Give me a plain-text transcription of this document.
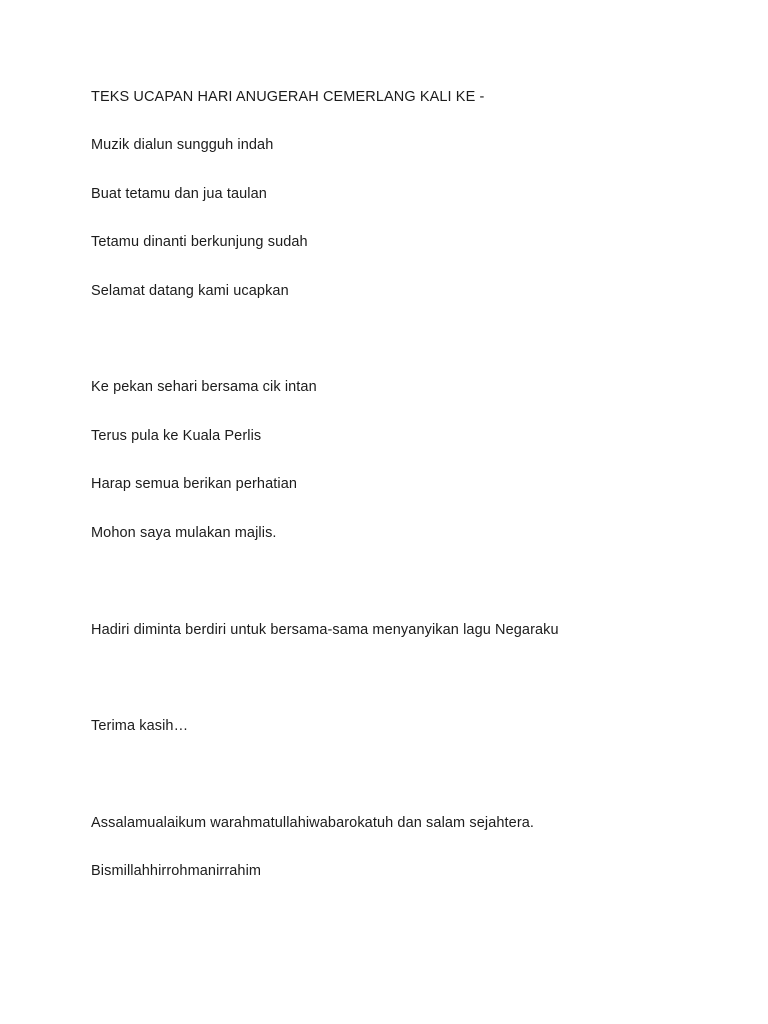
TEKS UCAPAN HARI ANUGERAH CEMERLANG KALI KE -

Muzik dialun sungguh indah

Buat tetamu dan jua taulan

Tetamu dinanti berkunjung sudah

Selamat datang kami ucapkan

Ke pekan sehari bersama cik intan

Terus pula ke Kuala Perlis

Harap semua berikan perhatian

Mohon saya mulakan majlis.

Hadiri diminta berdiri untuk bersama-sama menyanyikan lagu Negaraku

Terima kasih…

Assalamualaikum warahmatullahiwabarokatuh dan salam sejahtera.

Bismillahhirrohmanirrahim
